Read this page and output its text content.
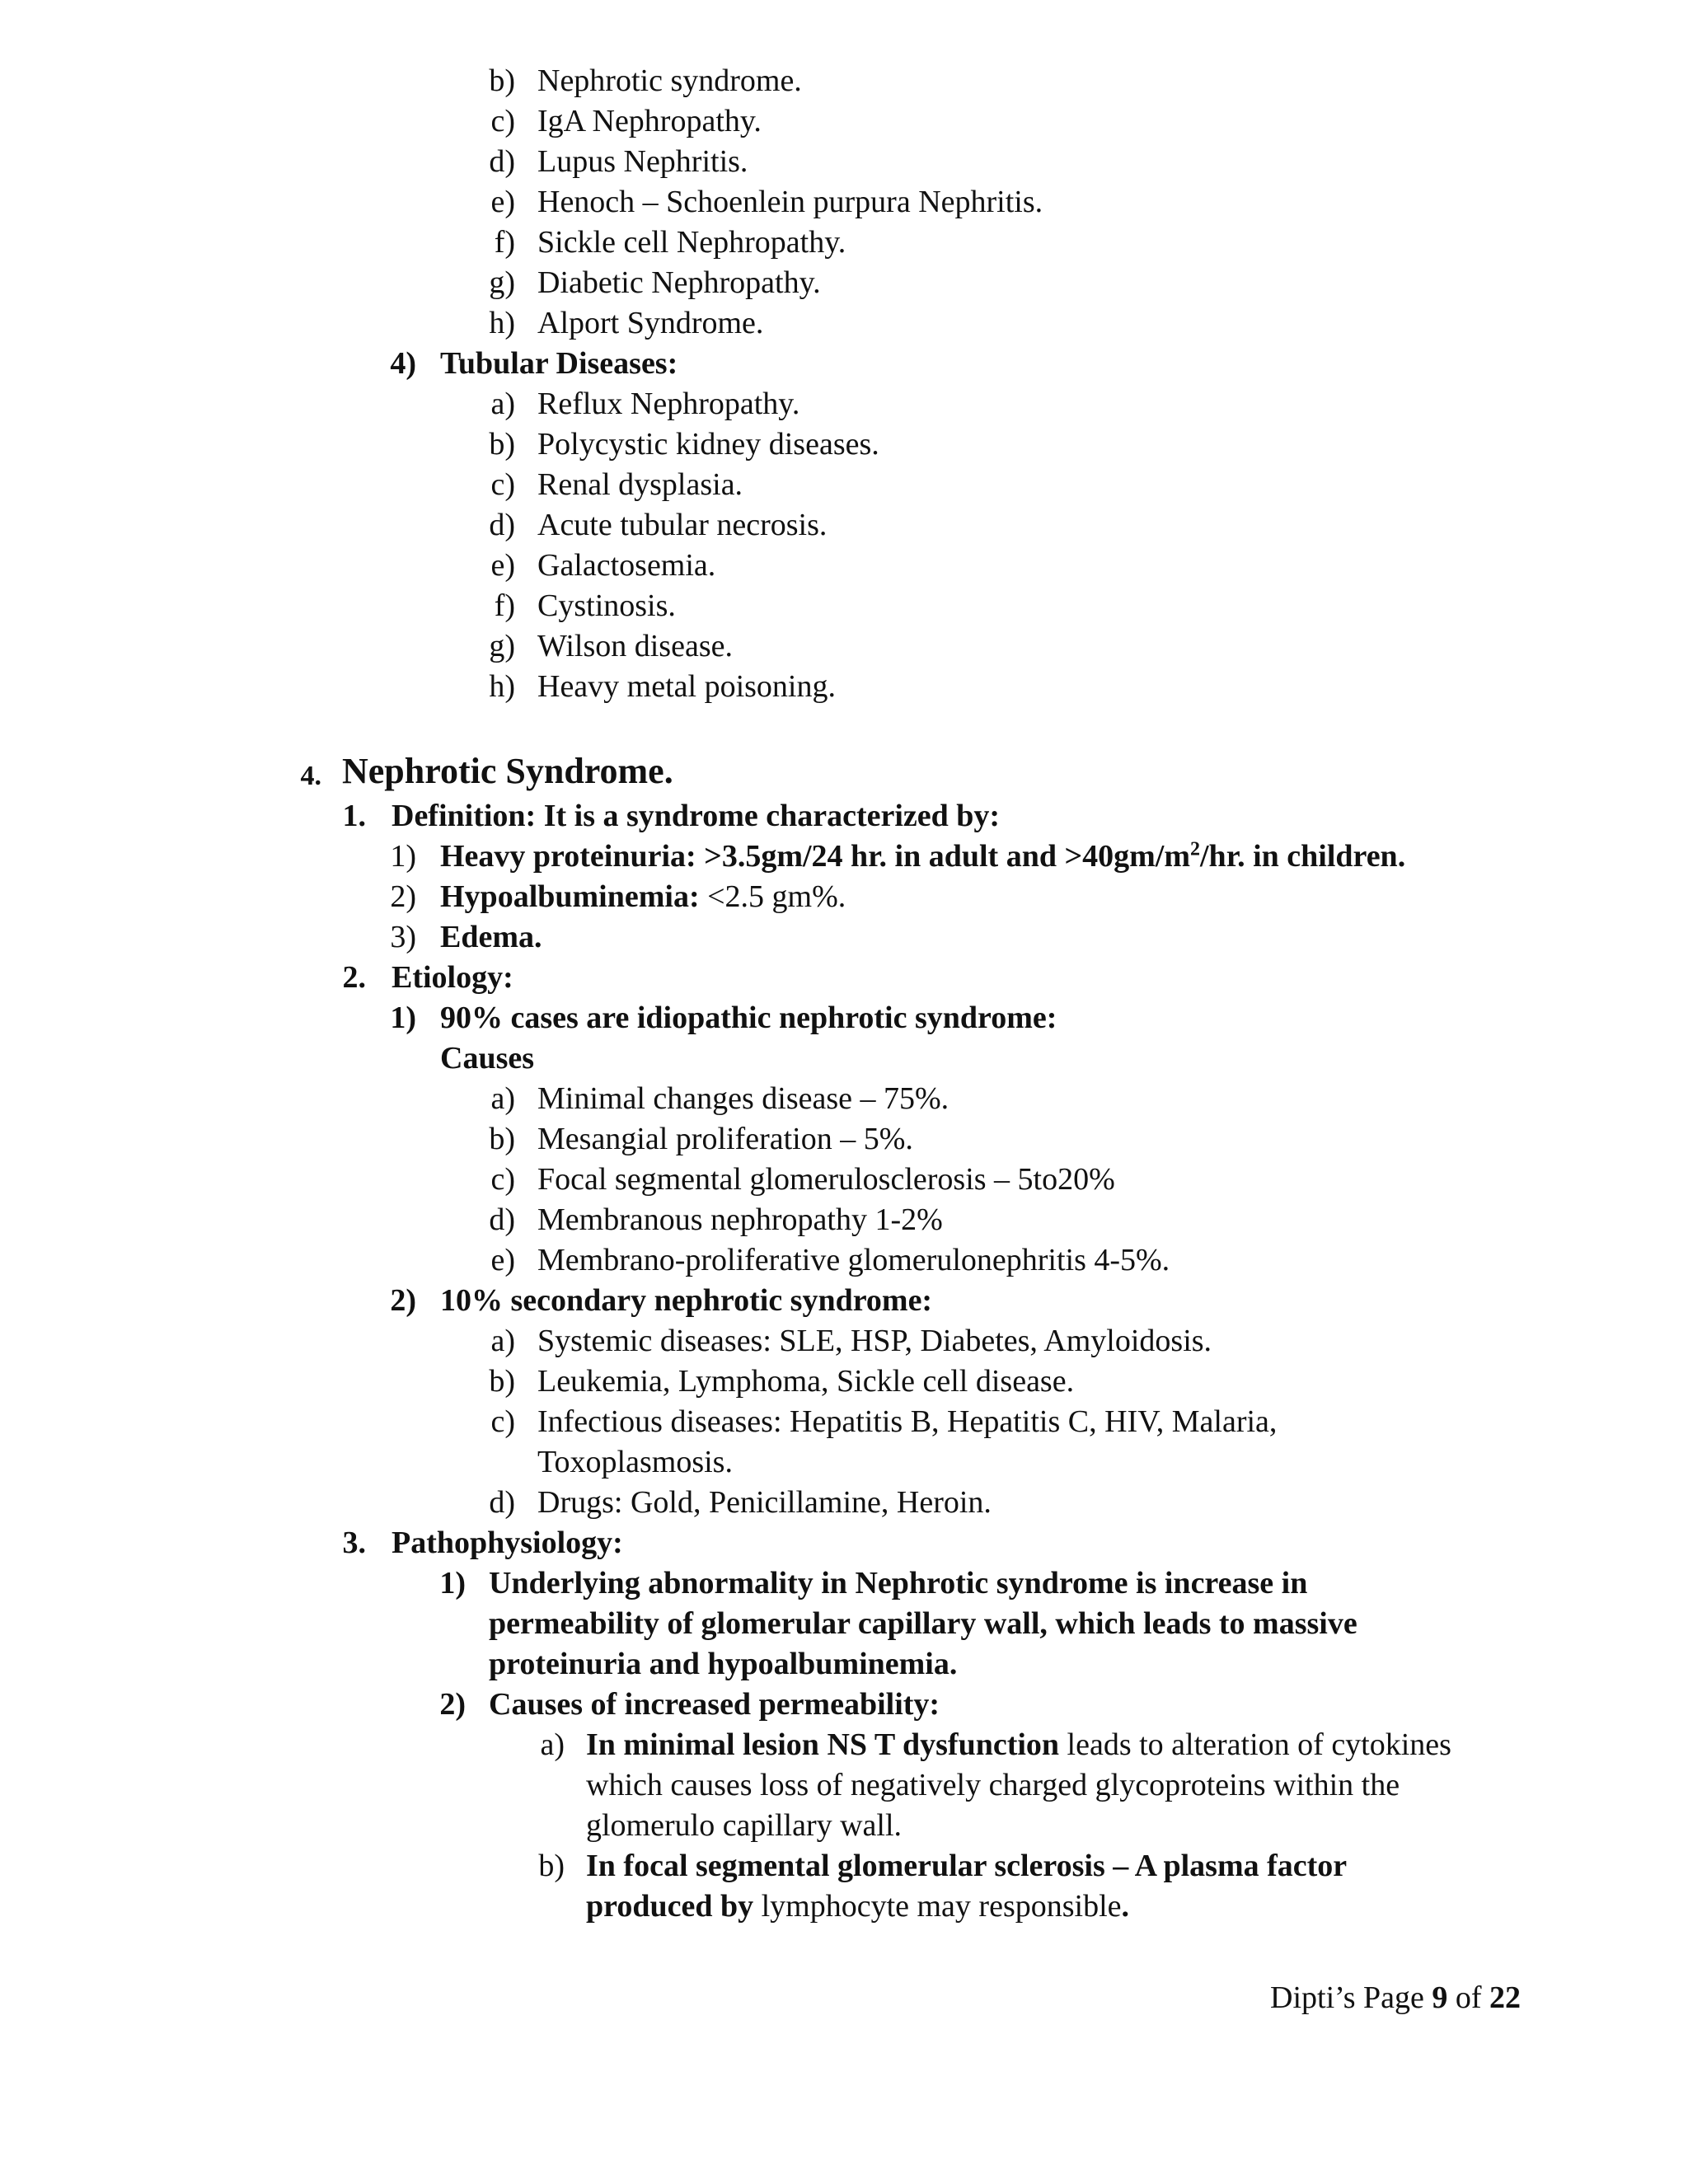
b) Nephrotic syndrome.
c) IgA Nephropathy.
d) Lupus Nephritis.
e) Henoch – Schoenlein purpura Nephritis.
f) Sickle cell Nephropathy.
g) Diabetic Nephropathy.
h) Alport Syndrome.
4) Tubular Diseases:
a) Reflux Nephropathy.
b) Polycystic kidney diseases.
c) Renal dysplasia.
d) Acute tubular necrosis.
e) Galactosemia.
f) Cystinosis.
g) Wilson disease.
h) Heavy metal poisoning.
4. Nephrotic Syndrome.
1. Definition: It is a syndrome characterized by:
1) Heavy proteinuria: >3.5gm/24 hr. in adult and $>40gm/m^2/hr$. in children.
2) Hypoalbuminemia: <2.5 gm%.
3) Edema.
2. Etiology:
1) 90% cases are idiopathic nephrotic syndrome:
Causes
a) Minimal changes disease – 75%.
b) Mesangial proliferation – 5%.
c) Focal segmental glomerulosclerosis – 5to20%
d) Membranous nephropathy 1-2%
e) Membrano-proliferative glomerulonephritis 4-5%.
2) 10% secondary nephrotic syndrome:
a) Systemic diseases: SLE, HSP, Diabetes, Amyloidosis.
b) Leukemia, Lymphoma, Sickle cell disease.
c) Infectious diseases: Hepatitis B, Hepatitis C, HIV, Malaria,
Toxoplasmosis.
d) Drugs: Gold, Penicillamine, Heroin.
3. Pathophysiology:
1) Underlying abnormality in Nephrotic syndrome is increase in
permeability of glomerular capillary wall, which leads to massive
proteinuria and hypoalbuminemia.
2) Causes of increased permeability:
a) In minimal lesion NS T dysfunction leads to alteration of cytokines
which causes loss of negatively charged glycoproteins within the
glomerulo capillary wall.
b) In focal segmental glomerular sclerosis – A plasma factor
produced by lymphocyte may responsible.
Dipti’s Page 9 of 22
